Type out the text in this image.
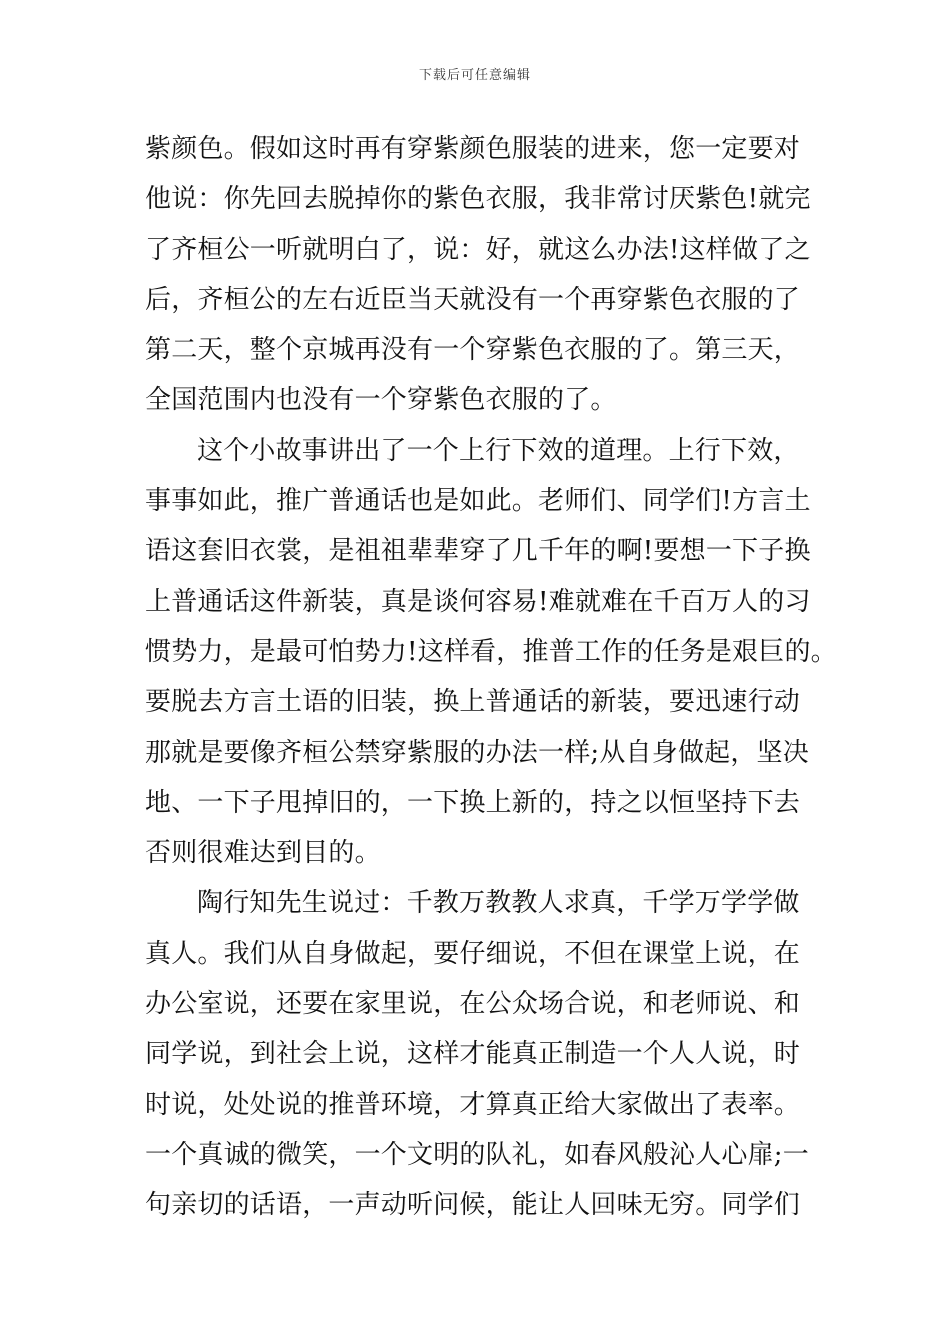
下载后可任意编辑
紫颜色。假如这时再有穿紫颜色服装的进来，您一定要对
他说：你先回去脱掉你的紫色衣服，我非常讨厌紫色!就完
了齐桓公一听就明白了，说：好，就这么办法!这样做了之
后，齐桓公的左右近臣当天就没有一个再穿紫色衣服的了
第二天，整个京城再没有一个穿紫色衣服的了。第三天，
全国范围内也没有一个穿紫色衣服的了。
这个小故事讲出了一个上行下效的道理。上行下效，
事事如此，推广普通话也是如此。老师们、同学们!方言土
语这套旧衣裳，是祖祖辈辈穿了几千年的啊!要想一下子换
上普通话这件新装，真是谈何容易!难就难在千百万人的习
惯势力，是最可怕势力!这样看，推普工作的任务是艰巨的。
要脱去方言土语的旧装，换上普通话的新装，要迅速行动
那就是要像齐桓公禁穿紫服的办法一样;从自身做起，坚决
地、一下子甩掉旧的，一下换上新的，持之以恒坚持下去
否则很难达到目的。
陶行知先生说过：千教万教教人求真，千学万学学做
真人。我们从自身做起，要仔细说，不但在课堂上说，在
办公室说，还要在家里说，在公众场合说，和老师说、和
同学说，到社会上说，这样才能真正制造一个人人说，时
时说，处处说的推普环境，才算真正给大家做出了表率。
一个真诚的微笑，一个文明的队礼，如春风般沁人心扉;一
句亲切的话语，一声动听问候，能让人回味无穷。同学们
